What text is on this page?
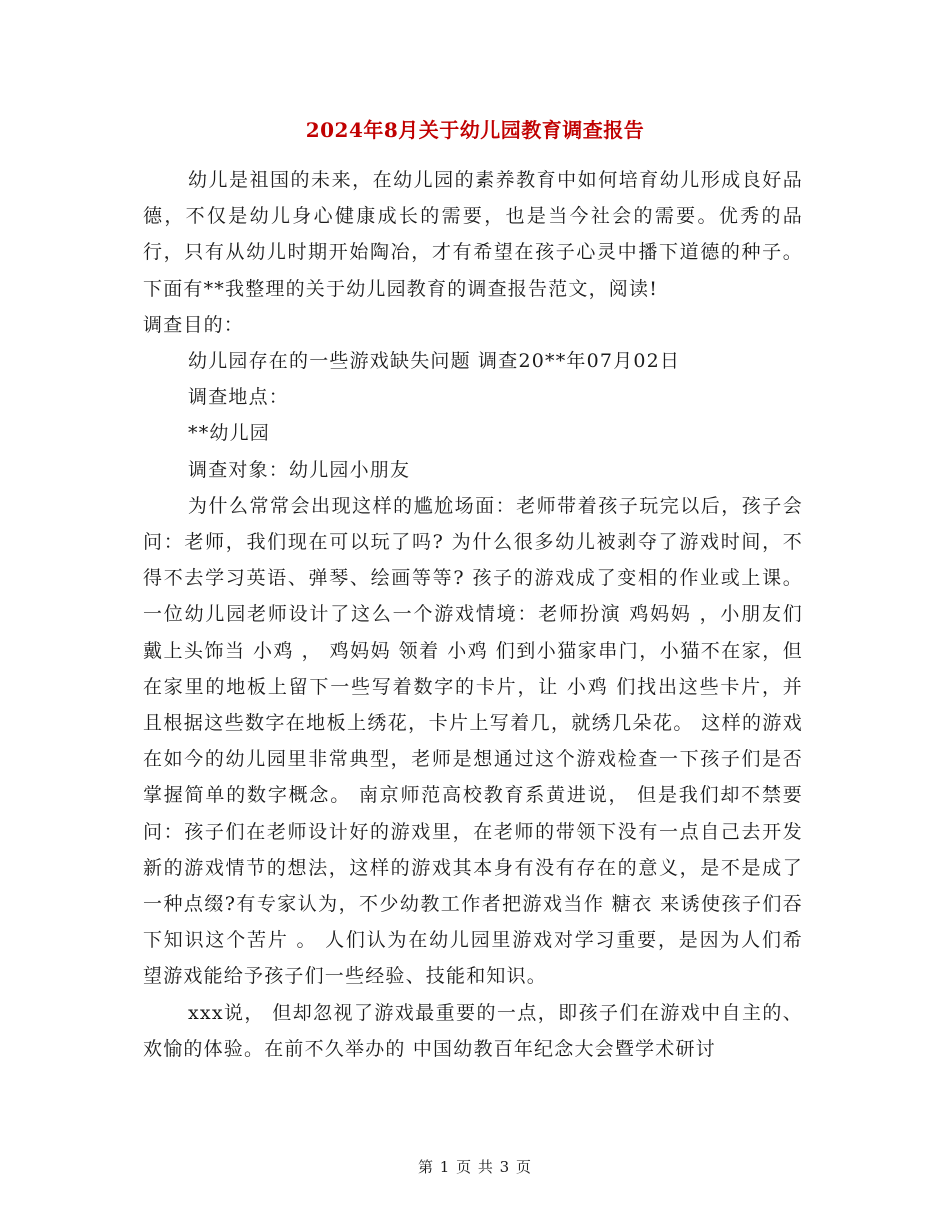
2024年8月关于幼儿园教育调查报告

幼儿是祖国的未来，在幼儿园的素养教育中如何培育幼儿形成良好品德，不仅是幼儿身心健康成长的需要，也是当今社会的需要。优秀的品行，只有从幼儿时期开始陶冶，才有希望在孩子心灵中播下道德的种子。下面有**我整理的关于幼儿园教育的调查报告范文，阅读!

调查目的：

幼儿园存在的一些游戏缺失问题 调查20**年07月02日

调查地点：

**幼儿园

调查对象：幼儿园小朋友

为什么常常会出现这样的尴尬场面：老师带着孩子玩完以后，孩子会问：老师，我们现在可以玩了吗? 为什么很多幼儿被剥夺了游戏时间，不得不去学习英语、弹琴、绘画等等? 孩子的游戏成了变相的作业或上课。 一位幼儿园老师设计了这么一个游戏情境：老师扮演 鸡妈妈 ，小朋友们戴上头饰当 小鸡 ， 鸡妈妈 领着 小鸡 们到小猫家串门，小猫不在家，但在家里的地板上留下一些写着数字的卡片，让 小鸡 们找出这些卡片，并且根据这些数字在地板上绣花，卡片上写着几，就绣几朵花。 这样的游戏在如今的幼儿园里非常典型，老师是想通过这个游戏检查一下孩子们是否掌握简单的数字概念。 南京师范高校教育系黄进说， 但是我们却不禁要问：孩子们在老师设计好的游戏里，在老师的带领下没有一点自己去开发新的游戏情节的想法，这样的游戏其本身有没有存在的意义，是不是成了一种点缀?有专家认为，不少幼教工作者把游戏当作 糖衣 来诱使孩子们吞下知识这个苦片 。 人们认为在幼儿园里游戏对学习重要，是因为人们希望游戏能给予孩子们一些经验、技能和知识。

xxx说， 但却忽视了游戏最重要的一点，即孩子们在游戏中自主的、欢愉的体验。在前不久举办的 中国幼教百年纪念大会暨学术研讨

第 1 页 共 3 页
